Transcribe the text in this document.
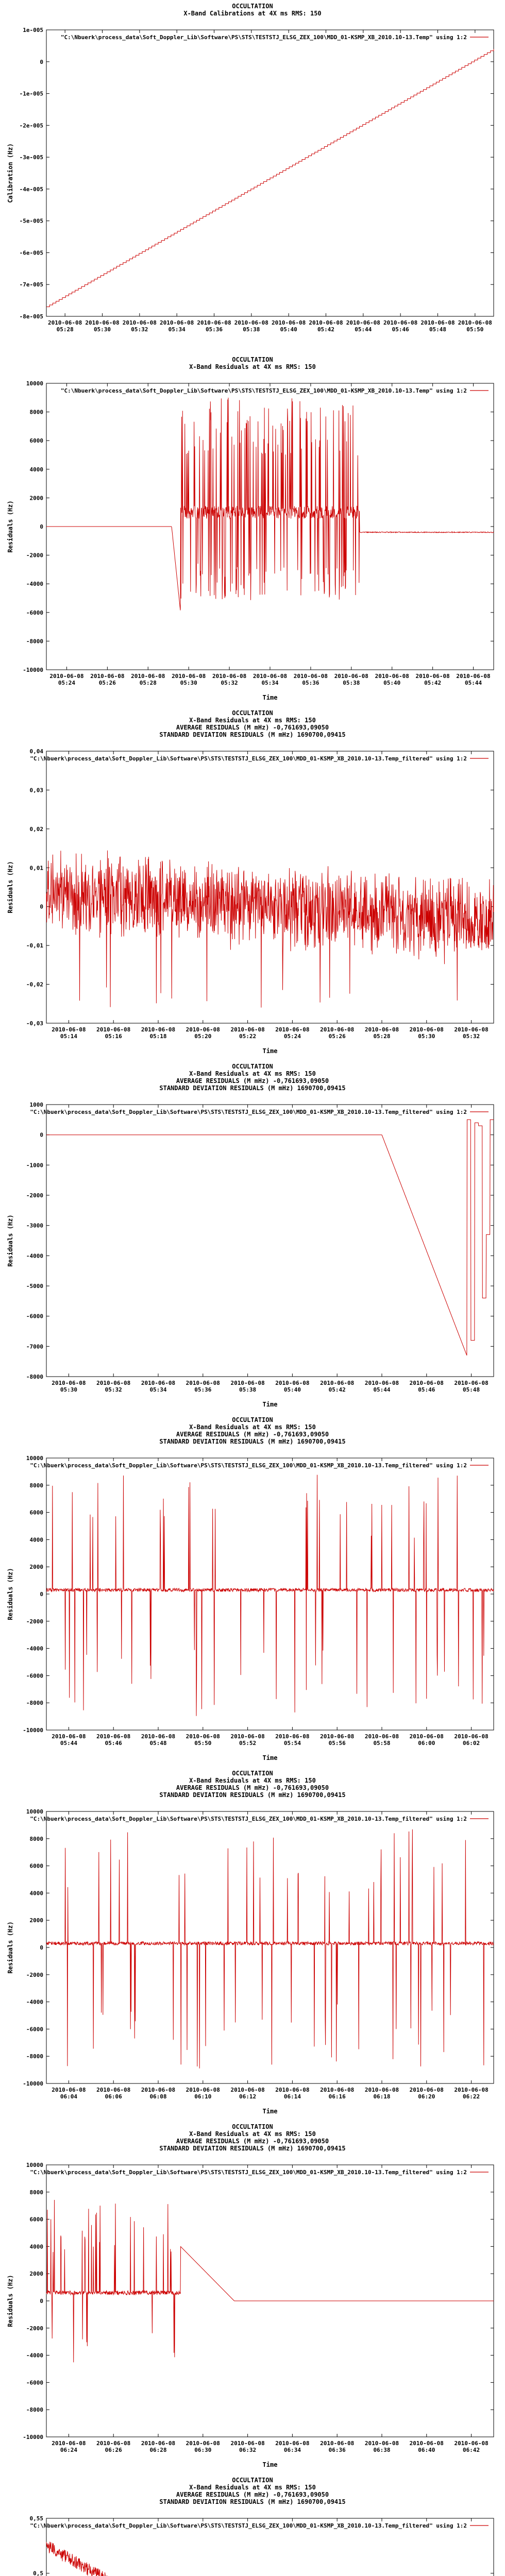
OCCULTATION
X-Band Calibrations at 4X ms RMS: 150
1e-005
0
-1e-005
-2e-005
-3e-005
-4e-005
-5e-005
-6e-005
-7e-005
-8e-005
2010-06-08 05:28
2010-06-08 05:30
2010-06-08 05:32
2010-06-08 05:34
2010-06-08 05:36
2010-06-08 05:38
2010-06-08 05:40
2010-06-08 05:42
2010-06-08 05:44
2010-06-08 05:46
2010-06-08 05:48
2010-06-08 05:50
Calibration (Hz)
"C:\Nbuerk\process_data\Soft_Doppler_Lib\Software\PS\STS\TESTSTJ_ELSG_ZEX_100\MDD_01-KSMP_XB_2010.10-13.Temp" using 1:2
OCCULTATION
X-Band Residuals at 4X ms RMS: 150
10000
8000
6000
4000
2000
0
-2000
-4000
-6000
-8000
-10000
2010-06-08 05:24
2010-06-08 05:26
2010-06-08 05:28
2010-06-08 05:30
2010-06-08 05:32
2010-06-08 05:34
2010-06-08 05:36
2010-06-08 05:38
2010-06-08 05:40
2010-06-08 05:42
2010-06-08 05:44
Time
Residuals (Hz)
"C:\Nbuerk\process_data\Soft_Doppler_Lib\Software\PS\STS\TESTSTJ_ELSG_ZEX_100\MDD_01-KSMP_XB_2010.10-13.Temp" using 1:2
OCCULTATION
X-Band Residuals at 4X ms RMS: 150
AVERAGE RESIDUALS (M mHz) -0,761693,09050
STANDARD DEVIATION RESIDUALS (M mHz) 1690700,09415
0,04
0,03
0,02
0,01
0
-0,01
-0,02
-0,03
2010-06-08 05:14
2010-06-08 05:16
2010-06-08 05:18
2010-06-08 05:20
2010-06-08 05:22
2010-06-08 05:24
2010-06-08 05:26
2010-06-08 05:28
2010-06-08 05:30
2010-06-08 05:32
Time
Residuals (Hz)
"C:\Nbuerk\process_data\Soft_Doppler_Lib\Software\PS\STS\TESTSTJ_ELSG_ZEX_100\MDD_01-KSMP_XB_2010.10-13.Temp_filtered" using 1:2
OCCULTATION
X-Band Residuals at 4X ms RMS: 150
AVERAGE RESIDUALS (M mHz) -0,761693,09050
STANDARD DEVIATION RESIDUALS (M mHz) 1690700,09415
1000
0
-1000
-2000
-3000
-4000
-5000
-6000
-7000
-8000
2010-06-08 05:30
2010-06-08 05:32
2010-06-08 05:34
2010-06-08 05:36
2010-06-08 05:38
2010-06-08 05:40
2010-06-08 05:42
2010-06-08 05:44
2010-06-08 05:46
2010-06-08 05:48
Time
Residuals (Hz)
"C:\Nbuerk\process_data\Soft_Doppler_Lib\Software\PS\STS\TESTSTJ_ELSG_ZEX_100\MDD_01-KSMP_XB_2010.10-13.Temp_filtered" using 1:2
OCCULTATION
X-Band Residuals at 4X ms RMS: 150
AVERAGE RESIDUALS (M mHz) -0,761693,09050
STANDARD DEVIATION RESIDUALS (M mHz) 1690700,09415
10000
8000
6000
4000
2000
0
-2000
-4000
-6000
-8000
-10000
2010-06-08 05:44
2010-06-08 05:46
2010-06-08 05:48
2010-06-08 05:50
2010-06-08 05:52
2010-06-08 05:54
2010-06-08 05:56
2010-06-08 05:58
2010-06-08 06:00
2010-06-08 06:02
Time
Residuals (Hz)
"C:\Nbuerk\process_data\Soft_Doppler_Lib\Software\PS\STS\TESTSTJ_ELSG_ZEX_100\MDD_01-KSMP_XB_2010.10-13.Temp_filtered" using 1:2
OCCULTATION
X-Band Residuals at 4X ms RMS: 150
AVERAGE RESIDUALS (M mHz) -0,761693,09050
STANDARD DEVIATION RESIDUALS (M mHz) 1690700,09415
10000
8000
6000
4000
2000
0
-2000
-4000
-6000
-8000
-10000
2010-06-08 06:04
2010-06-08 06:06
2010-06-08 06:08
2010-06-08 06:10
2010-06-08 06:12
2010-06-08 06:14
2010-06-08 06:16
2010-06-08 06:18
2010-06-08 06:20
2010-06-08 06:22
Time
Residuals (Hz)
"C:\Nbuerk\process_data\Soft_Doppler_Lib\Software\PS\STS\TESTSTJ_ELSG_ZEX_100\MDD_01-KSMP_XB_2010.10-13.Temp_filtered" using 1:2
OCCULTATION
X-Band Residuals at 4X ms RMS: 150
AVERAGE RESIDUALS (M mHz) -0,761693,09050
STANDARD DEVIATION RESIDUALS (M mHz) 1690700,09415
10000
8000
6000
4000
2000
0
-2000
-4000
-6000
-8000
-10000
2010-06-08 06:24
2010-06-08 06:26
2010-06-08 06:28
2010-06-08 06:30
2010-06-08 06:32
2010-06-08 06:34
2010-06-08 06:36
2010-06-08 06:38
2010-06-08 06:40
2010-06-08 06:42
Time
Residuals (Hz)
"C:\Nbuerk\process_data\Soft_Doppler_Lib\Software\PS\STS\TESTSTJ_ELSG_ZEX_100\MDD_01-KSMP_XB_2010.10-13.Temp_filtered" using 1:2
OCCULTATION
X-Band Residuals at 4X ms RMS: 150
AVERAGE RESIDUALS (M mHz) -0,761693,09050
STANDARD DEVIATION RESIDUALS (M mHz) 1690700,09415
0,55
0,5
"C:\Nbuerk\process_data\Soft_Doppler_Lib\Software\PS\STS\TESTSTJ_ELSG_ZEX_100\MDD_01-KSMP_XB_2010.10-13.Temp_filtered" using 1:2
